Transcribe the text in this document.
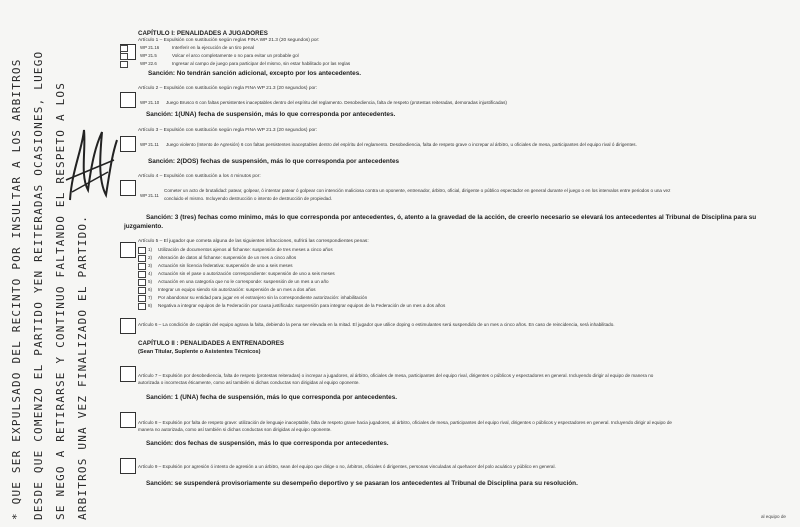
* QUE SER EXPULSADO DEL RECINTO POR INSULTAR A LOS ARBITROS DESDE QUE COMENZO EL PARTIDO YEN REITERADAS OCASIONES, LUEGO SE NEGO A RETIRARSE Y CONTINUO FALTANDO EL RESPETO A LOS ARBITROS UNA VEZ FINALIZADO EL PARTIDO.
CAPÍTULO I: PENALIDADES A JUGADORES
Artículo 1 – Expulsión con sustitución según reglas FINA WP 21.3 (20 segundos) por:
WP 21.16	Interferir en la ejecución de un tiro penal
WP 21.5	Volcar el arco completamente o no para evitar un probable gol
WP 22.6	Ingresar al campo de juego para participar del mismo, sin estar habilitado por las reglas
Sanción: No tendrán sanción adicional, excepto por los antecedentes.
Artículo 2 – Expulsión con sustitución según regla FINA WP 21.3 (20 segundos) por:
WP 21.10 Juego Brusco 6 con faltas persistentes inaceptables dentro del espíritu del reglamento. Desobediencia, falta de respeto (protestas reiteradas, demoradas injustificadas)
Sanción: 1(UNA) fecha de suspensión, más lo que corresponda por antecedentes.
Artículo 3 – Expulsión con sustitución según regla FINA WP 21.3 (20 segundos) por:
WP 21.11 Juego violento (Intento de Agresión) 6 con faltas persistentes inaceptables dentro del espíritu del reglamento. Desobediencia, falta de respeto grave o increpar al árbitro, u oficiales de mesa, participantes del equipo rival ó dirigentes.
Sanción: 2(DOS) fechas de suspensión, más lo que corresponda por antecedentes
Artículo 4 – Expulsión con sustitución a los 4 minutos por:
WP 21.11
Cometer un acto de brutalidad: patear, golpear, ó intentar patear ó golpear con intención maliciosa contra un oponente, entrenador, árbitro, oficial, dirigente o público espectador en general durante el juego o en los intervalos entre periodos o una vez
concluido el mismo. Incluyendo destrucción o intento de destrucción de propiedad.
Sanción: 3 (tres) fechas como mínimo, más lo que corresponda por antecedentes, ó, atento a la gravedad de la acción, de creerlo necesario se elevará los antecedentes al Tribunal de Disciplina para su
juzgamiento.
Artículo 5 – El jugador que cometa alguna de las siguientes infracciones, sufrirá las correspondientes penas:
1) Utilización de documentos ajenos al fichanse: suspensión de tres meses a cinco años
2) Alteración de datos al fichanse: suspensión de un mes a cinco años
3) Actuación sin licencia federativa: suspensión de uno a seis meses
4) Actuación sin el pase o autorización correspondiente: suspensión de uno a seis meses
5) Actuación en una categoría que no le corresponde: suspensión de un mes a un año
6) Integrar un equipo siendo sin autorización: suspensión de un mes a dos años
7) Por abandonar su entidad para jugar en el extranjero sin la correspondiente autorización: inhabilitación
8) Negativa a integrar equipos de la Federación por causa justificada: suspensión para integrar equipos de la Federación de un mes a dos años
Artículo 6 – La condición de capitán del equipo agrava la falta, debiendo la pena ser elevada en la mitad. El jugador que utilice doping o estimulantes será suspendido de un mes a cinco años. En caso de reincidencia, será inhabilitado.
CAPÍTULO II : PENALIDADES A ENTRENADORES
(Sean Titular, Suplente o Asistentes Técnicos)
Artículo 7 – Expulsión por desobediencia, falta de respeto (protestas reiteradas) o increpar a jugadores, al árbitro, oficiales de mesa, participantes del equipo rival, dirigentes o públicos y espectadores en general. Incluyendo dirigir al equipo de manera no
autorizada o incorrectas éticamente, como así también si dichas conductas son dirigidas al equipo oponente.
Sanción: 1 (UNA) fecha de suspensión, más lo que corresponda por antecedentes.
Artículo 8 – Expulsión por falta de respeto grave: utilización de lenguaje inaceptable, falta de respeto grave hacia jugadores, al árbitro, oficiales de mesa, participantes del equipo rival, dirigentes o públicos y espectadores en general. Incluyendo dirigir al equipo de
manera no autorizada, como así también si dichas conductas son dirigidas al equipo oponente.
Sanción: dos fechas de suspensión, más lo que corresponda por antecedentes.
Artículo 9 – Expulsión por agresión ó intento de agresión a un árbitro, sean del equipo que dirige o no, árbitros, oficiales ó dirigentes, personas vinculadas al quehacer del polo acuático y público en general.
Sanción: se suspenderá provisoriamente su desempeño deportivo y se pasaran los antecedentes al Tribunal de Disciplina para su resolución.
al equipo de
